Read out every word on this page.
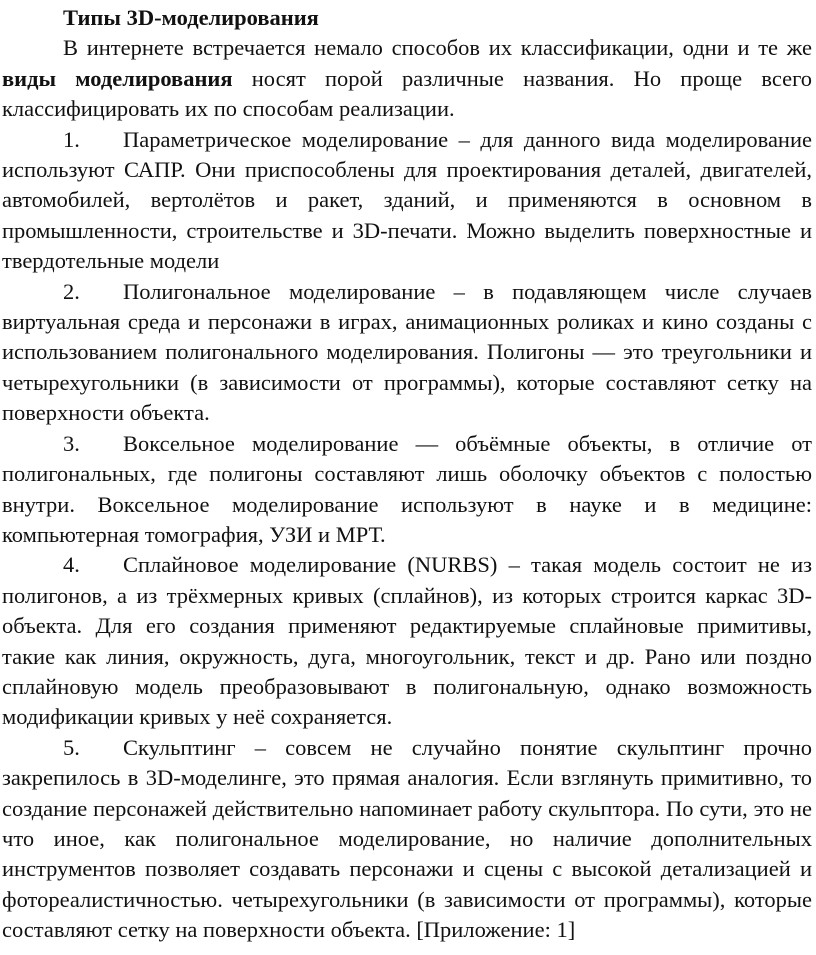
Типы 3D-моделирования

В интернете встречается немало способов их классификации, одни и те же виды моделирования носят порой различные названия. Но проще всего классифицировать их по способам реализации.

1. Параметрическое моделирование – для данного вида моделирование используют САПР. Они приспособлены для проектирования деталей, двигателей, автомобилей, вертолётов и ракет, зданий, и применяются в основном в промышленности, строительстве и 3D-печати. Можно выделить поверхностные и твердотельные модели

2. Полигональное моделирование – в подавляющем числе случаев виртуальная среда и персонажи в играх, анимационных роликах и кино созданы с использованием полигонального моделирования. Полигоны — это треугольники и четырехугольники (в зависимости от программы), которые составляют сетку на поверхности объекта.

3. Воксельное моделирование — объёмные объекты, в отличие от полигональных, где полигоны составляют лишь оболочку объектов с полостью внутри. Воксельное моделирование используют в науке и в медицине: компьютерная томография, УЗИ и МРТ.

4. Сплайновое моделирование (NURBS) – такая модель состоит не из полигонов, а из трёхмерных кривых (сплайнов), из которых строится каркас 3D-объекта. Для его создания применяют редактируемые сплайновые примитивы, такие как линия, окружность, дуга, многоугольник, текст и др. Рано или поздно сплайновую модель преобразовывают в полигональную, однако возможность модификации кривых у неё сохраняется.

5. Скульптинг – совсем не случайно понятие скульптинг прочно закрепилось в 3D-моделинге, это прямая аналогия. Если взглянуть примитивно, то создание персонажей действительно напоминает работу скульптора. По сути, это не что иное, как полигональное моделирование, но наличие дополнительных инструментов позволяет создавать персонажи и сцены с высокой детализацией и фотореалистичностью. четырехугольники (в зависимости от программы), которые составляют сетку на поверхности объекта. [Приложение: 1]
